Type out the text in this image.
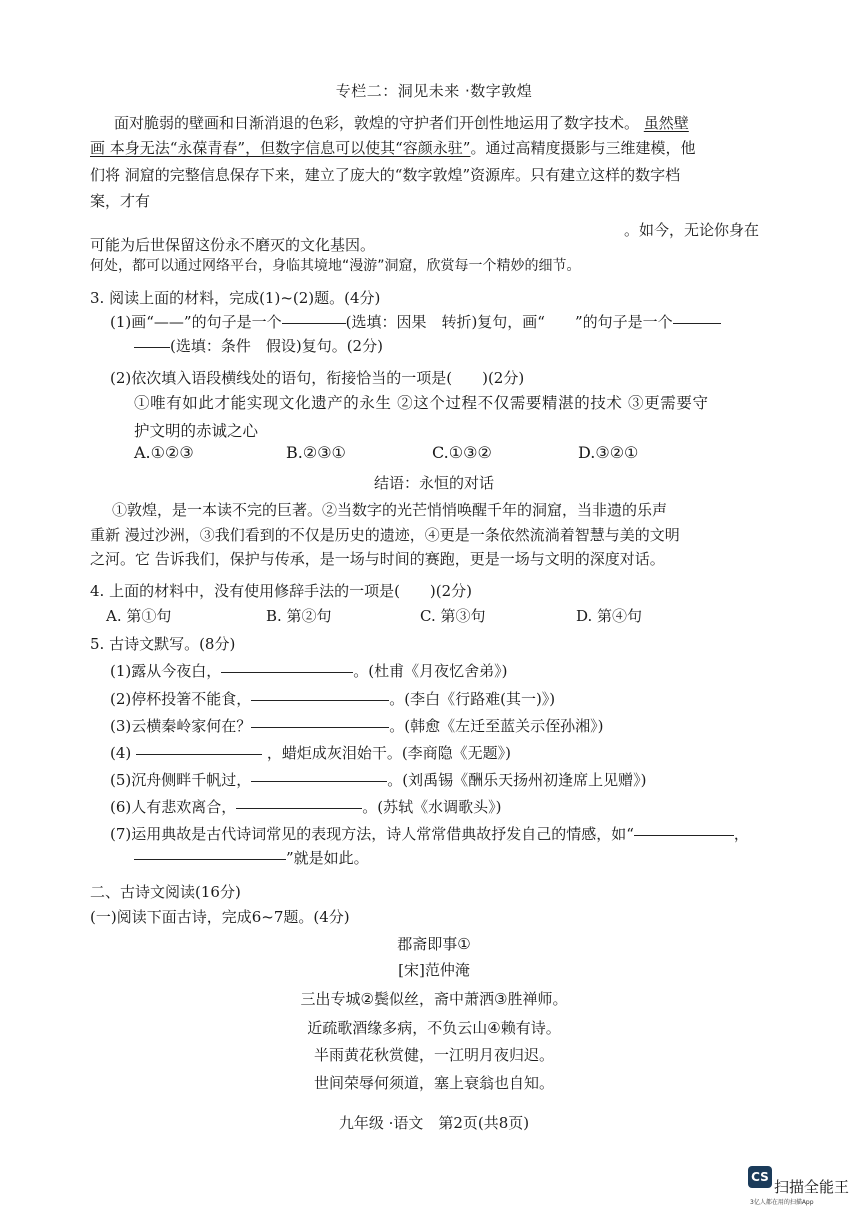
专栏二：洞见未来 ·数字敦煌
面对脆弱的壁画和日渐消退的色彩，敦煌的守护者们开创性地运用了数字技术。 虽然壁
画 本身无法“永葆青春”，但数字信息可以使其“容颜永驻”。通过高精度摄影与三维建模，他
们将 洞窟的完整信息保存下来，建立了庞大的“数字敦煌”资源库。只有建立这样的数字档
案，才有
。如今，无论你身在
可能为后世保留这份永不磨灭的文化基因。
何处，都可以通过网络平台，身临其境地“漫游”洞窟，欣赏每一个精妙的细节。
3. 阅读上面的材料，完成(1)~(2)题。(4分)
(1)画“——”的句子是一个	(选填：因果　转折)复句，画“　　”的句子是一个
(选填：条件　假设)复句。(2分)
(2)依次填入语段横线处的语句，衔接恰当的一项是(　　)(2分)
①唯有如此才能实现文化遗产的永生 ②这个过程不仅需要精湛的技术 ③更需要守
护文明的赤诚之心
A.①②③	B.②③①	C.①③②	D.③②①
结语：永恒的对话
①敦煌，是一本读不完的巨著。②当数字的光芒悄悄唤醒千年的洞窟，当非遗的乐声
重新 漫过沙洲，③我们看到的不仅是历史的遗迹，④更是一条依然流淌着智慧与美的文明
之河。它 告诉我们，保护与传承，是一场与时间的赛跑，更是一场与文明的深度对话。
4. 上面的材料中，没有使用修辞手法的一项是(　　)(2分)
A. 第①句	B. 第②句	C. 第③句	D. 第④句
5. 古诗文默写。(8分)
(1)露从今夜白，	。(杜甫《月夜忆舍弟》)
(2)停杯投箸不能食，	。(李白《行路难(其一)》)
(3)云横秦岭家何在？	。(韩愈《左迁至蓝关示侄孙湘》)
(4)	，蜡炬成灰泪始干。(李商隐《无题》)
(5)沉舟侧畔千帆过，	。(刘禹锡《酬乐天扬州初逢席上见赠》)
(6)人有悲欢离合，	。(苏轼《水调歌头》)
(7)运用典故是古代诗词常见的表现方法，诗人常常借典故抒发自己的情感，如“	，
”就是如此。
二、古诗文阅读(16分)
(一)阅读下面古诗，完成6~7题。(4分)
郡斋即事①
[宋]范仲淹
三出专城②鬓似丝，斋中萧洒③胜禅师。
近疏歌酒缘多病，不负云山④赖有诗。
半雨黄花秋赏健，一江明月夜归迟。
世间荣辱何须道，塞上衰翁也自知。
九年级 ·语文　第2页(共8页)
CS
扫描全能王
3亿人都在用的扫描App
